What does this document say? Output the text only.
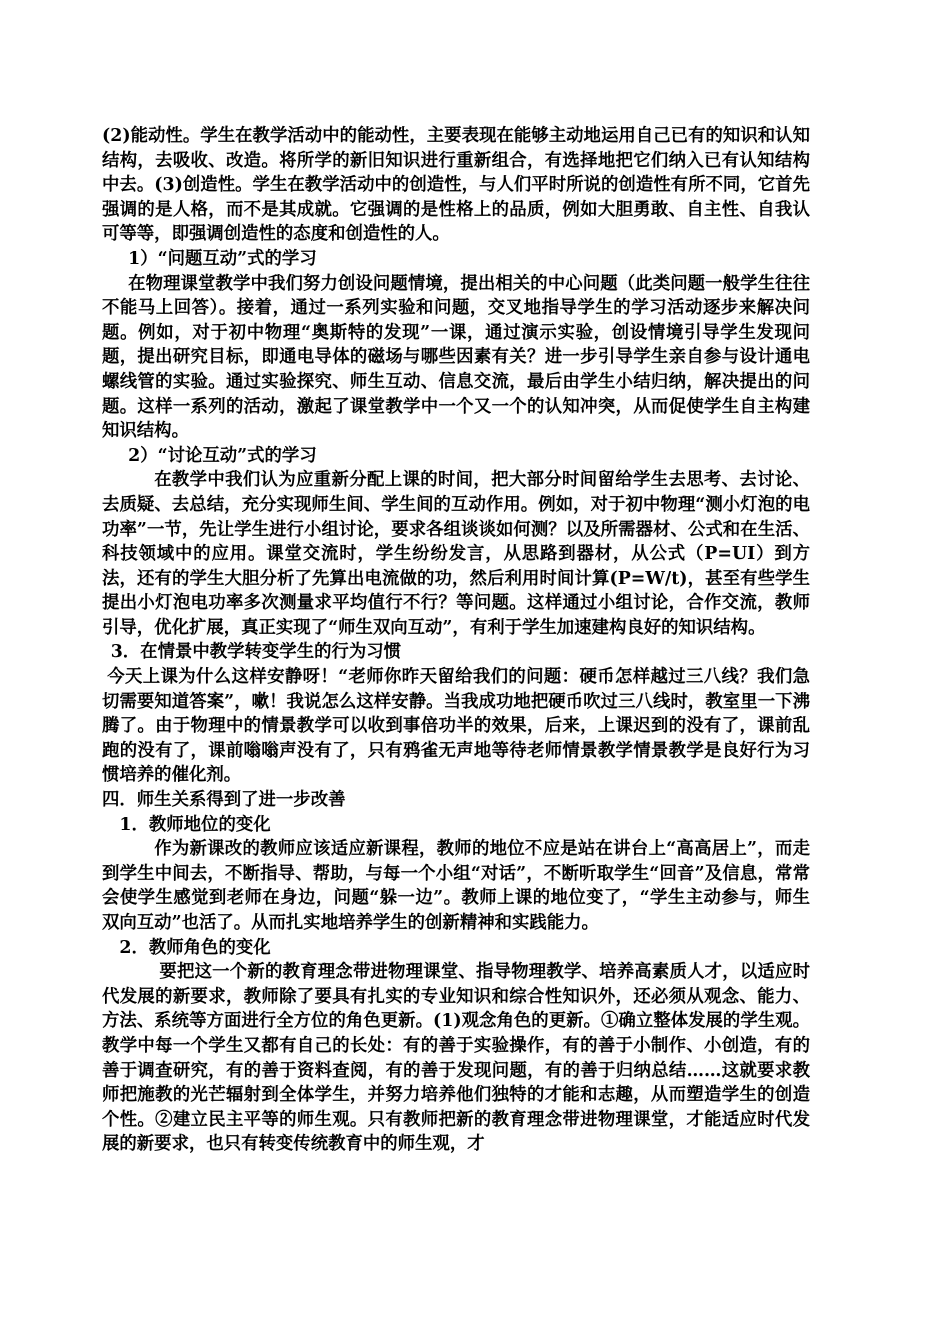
(2)能动性。学生在教学活动中的能动性，主要表现在能够主动地运用自己已有的知识和认知结构，去吸收、改造。将所学的新旧知识进行重新组合，有选择地把它们纳入已有认知结构中去。(3)创造性。学生在教学活动中的创造性，与人们平时所说的创造性有所不同，它首先强调的是人格，而不是其成就。它强调的是性格上的品质，例如大胆勇敢、自主性、自我认可等等，即强调创造性的态度和创造性的人。

1）“问题互动”式的学习

在物理课堂教学中我们努力创设问题情境，提出相关的中心问题（此类问题一般学生往往不能马上回答）。接着，通过一系列实验和问题，交叉地指导学生的学习活动逐步来解决问题。例如，对于初中物理“奥斯特的发现”一课，通过演示实验，创设情境引导学生发现问题，提出研究目标，即通电导体的磁场与哪些因素有关？进一步引导学生亲自参与设计通电螺线管的实验。通过实验探究、师生互动、信息交流，最后由学生小结归纳，解决提出的问题。这样一系列的活动，激起了课堂教学中一个又一个的认知冲突，从而促使学生自主构建知识结构。

2）“讨论互动”式的学习

在教学中我们认为应重新分配上课的时间，把大部分时间留给学生去思考、去讨论、去质疑、去总结，充分实现师生间、学生间的互动作用。例如，对于初中物理“测小灯泡的电功率”一节，先让学生进行小组讨论，要求各组谈谈如何测？以及所需器材、公式和在生活、科技领域中的应用。课堂交流时，学生纷纷发言，从思路到器材，从公式（P=UI）到方法，还有的学生大胆分析了先算出电流做的功，然后利用时间计算(P=W/t)，甚至有些学生提出小灯泡电功率多次测量求平均值行不行？等问题。这样通过小组讨论，合作交流，教师引导，优化扩展，真正实现了“师生双向互动”，有利于学生加速建构良好的知识结构。

3．在情景中教学转变学生的行为习惯

今天上课为什么这样安静呀！“老师你昨天留给我们的问题：硬币怎样越过三八线？我们急切需要知道答案”，嗽！我说怎么这样安静。当我成功地把硬币吹过三八线时，教室里一下沸腾了。由于物理中的情景教学可以收到事倍功半的效果，后来，上课迟到的没有了，课前乱跑的没有了，课前嗡嗡声没有了，只有鸦雀无声地等待老师情景教学情景教学是良好行为习惯培养的催化剂。

四．师生关系得到了进一步改善

1．教师地位的变化

作为新课改的教师应该适应新课程，教师的地位不应是站在讲台上“高高居上”，而走到学生中间去，不断指导、帮助，与每一个小组“对话”，不断听取学生“回音”及信息，常常会使学生感觉到老师在身边，问题“躲一边”。教师上课的地位变了，“学生主动参与，师生双向互动”也活了。从而扎实地培养学生的创新精神和实践能力。

2．教师角色的变化

要把这一个新的教育理念带进物理课堂、指导物理教学、培养高素质人才，以适应时代发展的新要求，教师除了要具有扎实的专业知识和综合性知识外，还必须从观念、能力、方法、系统等方面进行全方位的角色更新。(1)观念角色的更新。①确立整体发展的学生观。教学中每一个学生又都有自己的长处：有的善于实验操作，有的善于小制作、小创造，有的善于调查研究，有的善于资料查阅，有的善于发现问题，有的善于归纳总结……这就要求教师把施教的光芒辐射到全体学生，并努力培养他们独特的才能和志趣，从而塑造学生的创造个性。②建立民主平等的师生观。只有教师把新的教育理念带进物理课堂，才能适应时代发展的新要求，也只有转变传统教育中的师生观，才
